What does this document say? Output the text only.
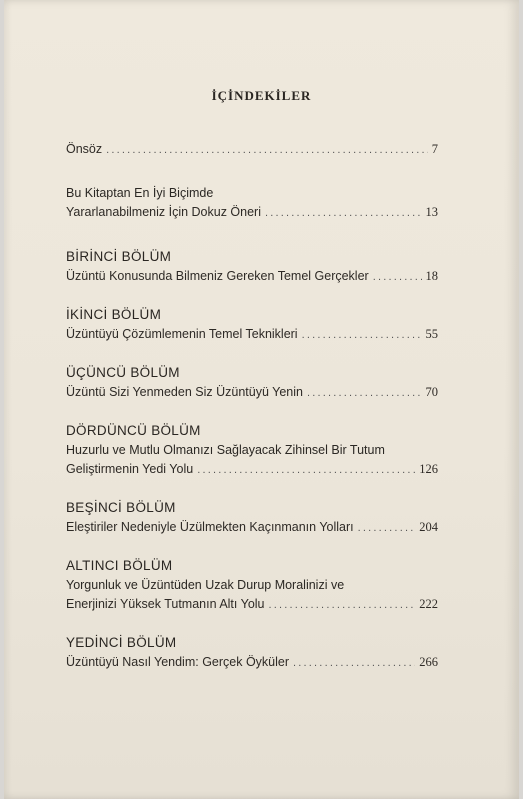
İÇİNDEKİLER
Önsöz .....	7
Bu Kitaptan En İyi Biçimde
Yararlanabilmeniz İçin Dokuz Öneri .....	13
BİRİNCİ BÖLÜM
Üzüntü Konusunda Bilmeniz Gereken Temel Gerçekler .....	18
İKİNCİ BÖLÜM
Üzüntüyü Çözümlemenin Temel Teknikleri .....	55
ÜÇÜNCÜ BÖLÜM
Üzüntü Sizi Yenmeden Siz Üzüntüyü Yenin .....	70
DÖRDÜNCÜ BÖLÜM
Huzurlu ve Mutlu Olmanızı Sağlayacak Zihinsel Bir Tutum
Geliştirmenin Yedi Yolu .....	126
BEŞİNCİ BÖLÜM
Eleştiriler Nedeniyle Üzülmekten Kaçınmanın Yolları .....	204
ALTINCI BÖLÜM
Yorgunluk ve Üzüntüden Uzak Durup Moralinizi ve
Enerjinizi Yüksek Tutmanın Altı Yolu .....	222
YEDİNCİ BÖLÜM
Üzüntüyü Nasıl Yendim: Gerçek Öyküler .....	266
